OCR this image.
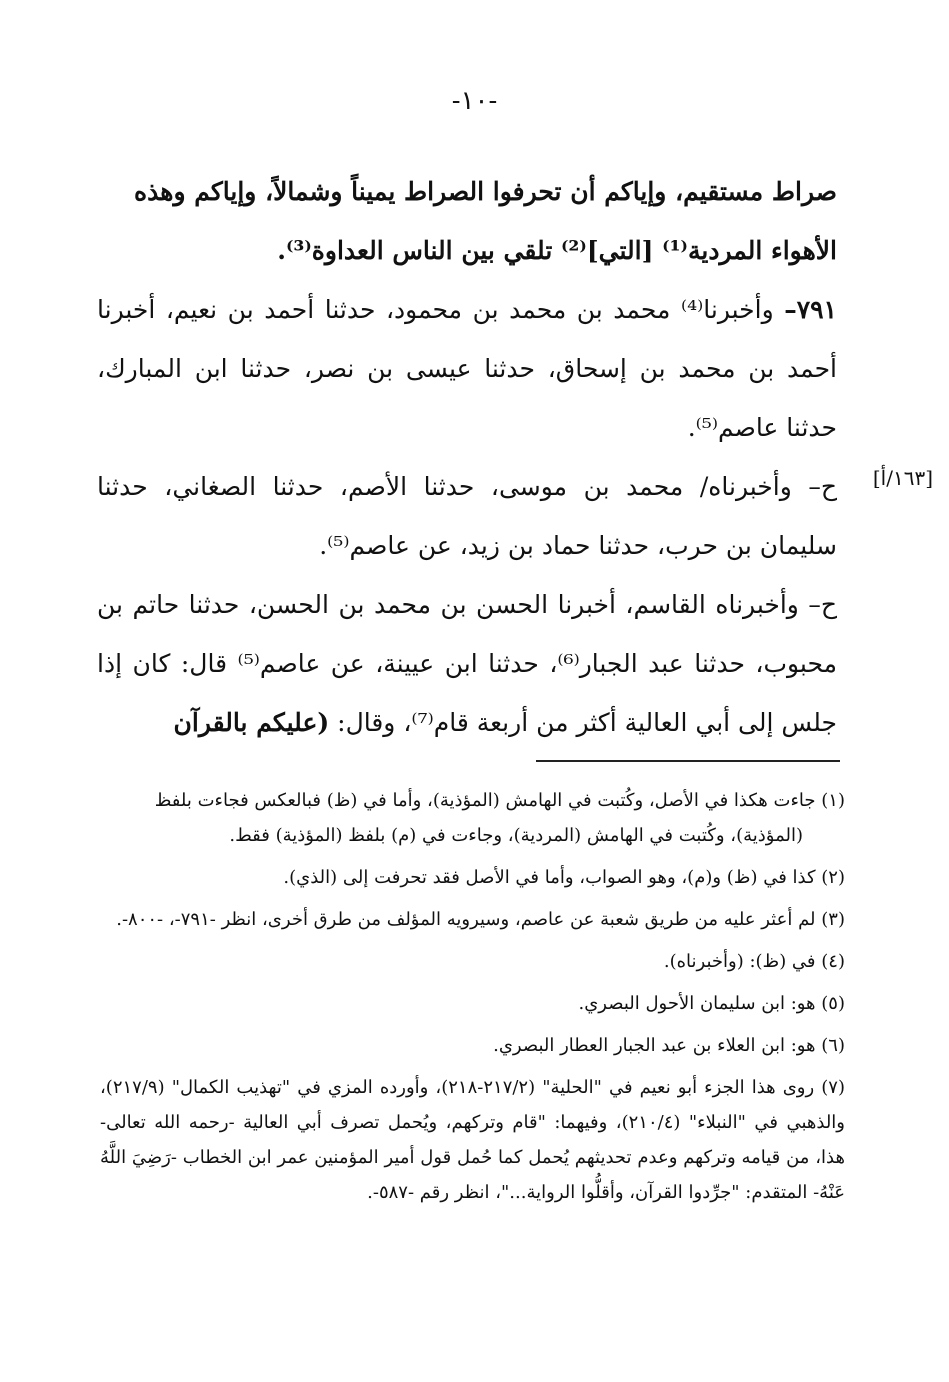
-١٠-
[١٦٣/أ]

صراط مستقيم، وإياكم أن تحرفوا الصراط يميناً وشمالاً، وإياكم وهذه

الأهواء المردية⁽¹⁾ [التي]⁽²⁾ تلقي بين الناس العداوة⁽³⁾.

٧٩١– وأخبرنا⁽⁴⁾ محمد بن محمد بن محمود، حدثنا أحمد بن نعيم، أخبرنا أحمد بن محمد بن إسحاق، حدثنا عيسى بن نصر، حدثنا ابن المبارك، حدثنا عاصم⁽⁵⁾.

ح– وأخبرناه/ محمد بن موسى، حدثنا الأصم، حدثنا الصغاني، حدثنا سليمان بن حرب، حدثنا حماد بن زيد، عن عاصم⁽⁵⁾.

ح– وأخبرناه القاسم، أخبرنا الحسن بن محمد بن الحسن، حدثنا حاتم بن محبوب، حدثنا عبد الجبار⁽⁶⁾، حدثنا ابن عيينة، عن عاصم⁽⁵⁾ قال: كان إذا جلس إلى أبي العالية أكثر من أربعة قام⁽⁷⁾، وقال: (عليكم بالقرآن

(١) جاءت هكذا في الأصل، وكُتبت في الهامش (المؤذية)، وأما في (ظ) فبالعكس فجاءت بلفظ
(المؤذية)، وكُتبت في الهامش (المردية)، وجاءت في (م) بلفظ (المؤذية) فقط.

(٢) كذا في (ظ) و(م)، وهو الصواب، وأما في الأصل فقد تحرفت إلى (الذي).

(٣) لم أعثر عليه من طريق شعبة عن عاصم، وسيرويه المؤلف من طرق أخرى، انظر -٧٩١-، -٨٠٠-.

(٤) في (ظ): (وأخبرناه).

(٥) هو: ابن سليمان الأحول البصري.

(٦) هو: ابن العلاء بن عبد الجبار العطار البصري.

(٧) روى هذا الجزء أبو نعيم في "الحلية" (٢١٧/٢-٢١٨)، وأورده المزي في "تهذيب الكمال" (٢١٧/٩)، والذهبي في "النبلاء" (٢١٠/٤)، وفيهما: "قام وتركهم، ويُحمل تصرف أبي العالية -رحمه الله تعالى- هذا، من قيامه وتركهم وعدم تحديثهم يُحمل كما حُمل قول أمير المؤمنين عمر ابن الخطاب -رَضِيَ اللَّهُ عَنْهُ- المتقدم: "جرِّدوا القرآن، وأقلُّوا الرواية..."، انظر رقم -٥٨٧-.
